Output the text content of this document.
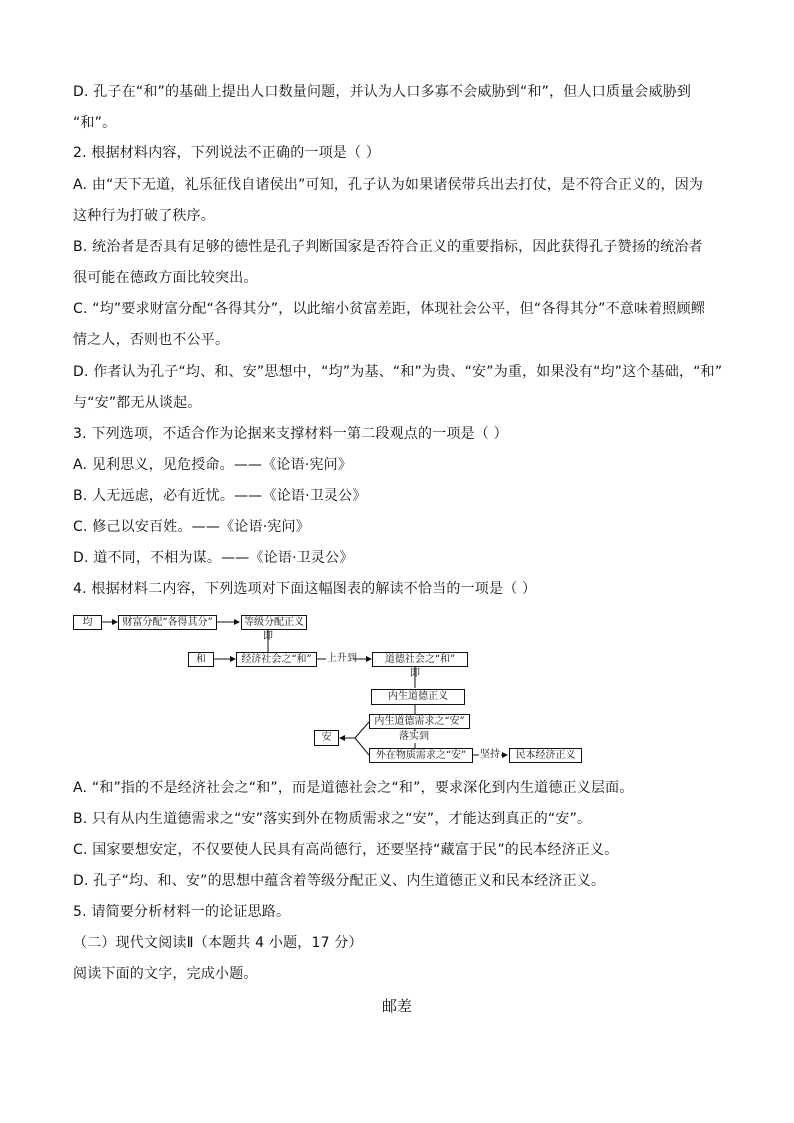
D. 孔子在“和”的基础上提出人口数量问题，并认为人口多寡不会威胁到“和”，但人口质量会威胁到
“和”。
2. 根据材料内容，下列说法不正确的一项是（ ）
A. 由“天下无道，礼乐征伐自诸侯出”可知，孔子认为如果诸侯带兵出去打仗，是不符合正义的，因为
这种行为打破了秩序。
B. 统治者是否具有足够的德性是孔子判断国家是否符合正义的重要指标，因此获得孔子赞扬的统治者
很可能在德政方面比较突出。
C. “均”要求财富分配“各得其分”，以此缩小贫富差距，体现社会公平，但“各得其分”不意味着照顾鳏
情之人，否则也不公平。
D. 作者认为孔子“均、和、安”思想中，“均”为基、“和”为贵、“安”为重，如果没有“均”这个基础，“和”
与“安”都无从谈起。
3. 下列选项，不适合作为论据来支撑材料一第二段观点的一项是（ ）
A. 见利思义，见危授命。——《论语·宪问》
B. 人无远虑，必有近忧。——《论语·卫灵公》
C. 修己以安百姓。——《论语·宪问》
D. 道不同，不相为谋。——《论语·卫灵公》
4. 根据材料二内容，下列选项对下面这幅图表的解读不恰当的一项是（ ）
均	财富分配“各得其分”	等级分配正义
即
和	经济社会之“和”	上升到	道德社会之“和”
即
内生道德正义
安
内生道德需求之“安”
落实到
外在物质需求之“安”	坚持	民本经济正义
A. “和”指的不是经济社会之“和”，而是道德社会之“和”，要求深化到内生道德正义层面。
B. 只有从内生道德需求之“安”落实到外在物质需求之“安”，才能达到真正的“安”。
C. 国家要想安定，不仅要使人民具有高尚德行，还要坚持“藏富于民”的民本经济正义。
D. 孔子“均、和、安”的思想中蕴含着等级分配正义、内生道德正义和民本经济正义。
5. 请简要分析材料一的论证思路。
（二）现代文阅读Ⅱ（本题共 4 小题，17 分）
阅读下面的文字，完成小题。
邮差
